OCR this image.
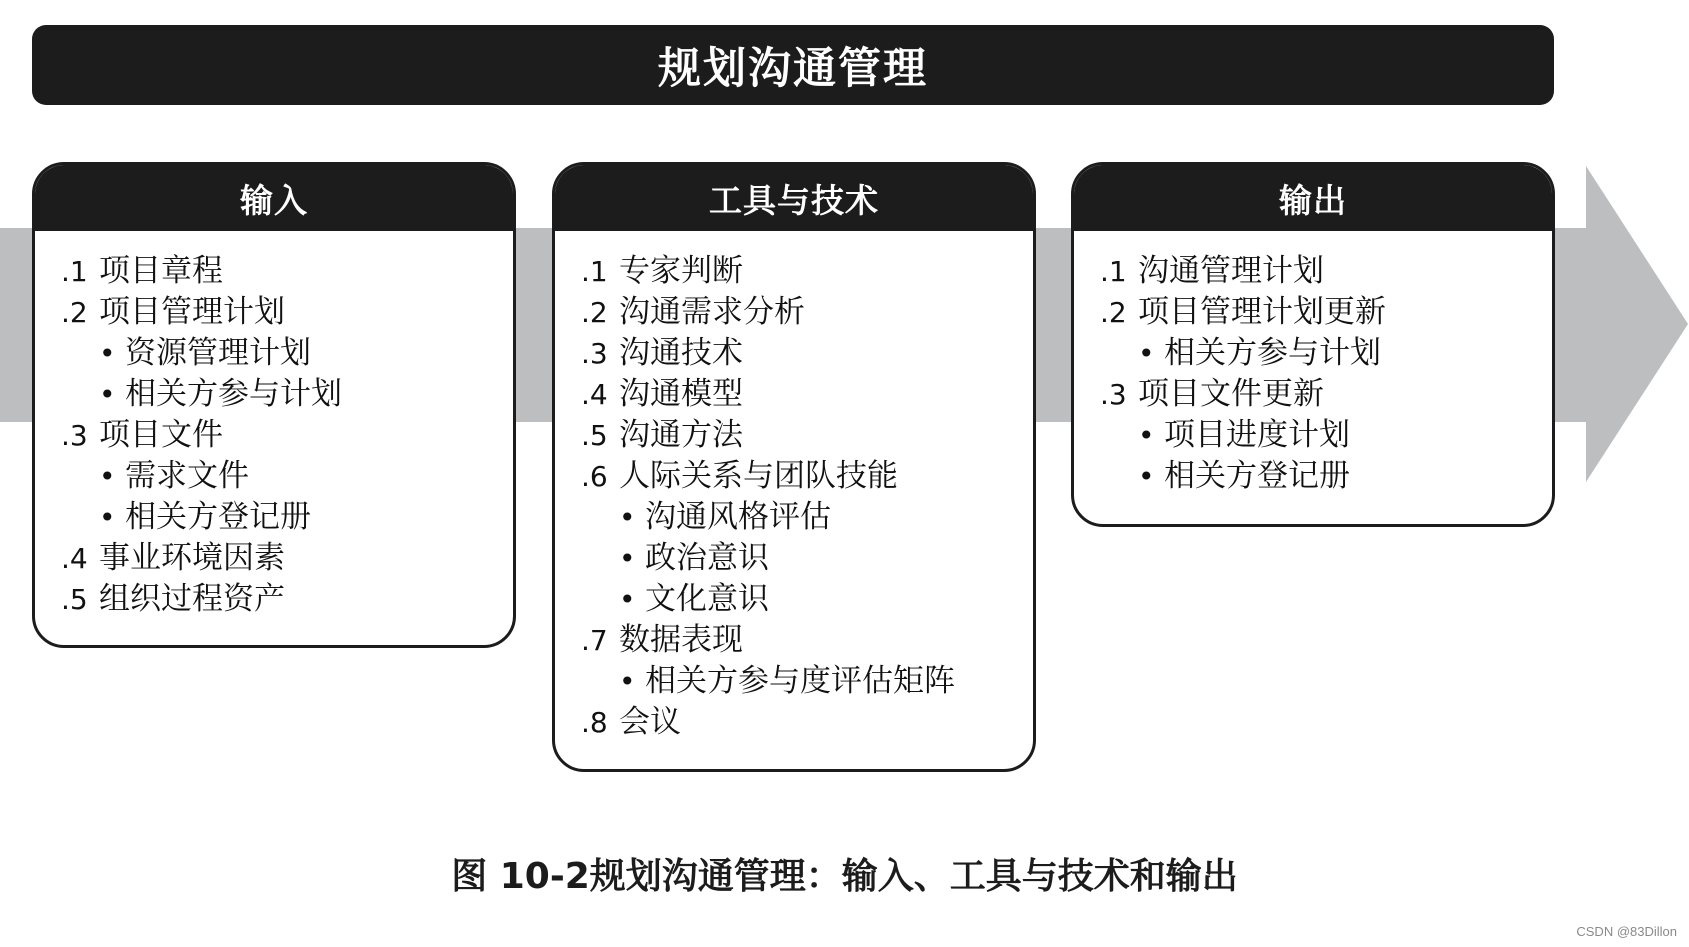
规划沟通管理
输入
.1 项目章程
.2 项目管理计划
• 资源管理计划
• 相关方参与计划
.3 项目文件
• 需求文件
• 相关方登记册
.4 事业环境因素
.5 组织过程资产
工具与技术
.1 专家判断
.2 沟通需求分析
.3 沟通技术
.4 沟通模型
.5 沟通方法
.6 人际关系与团队技能
• 沟通风格评估
• 政治意识
• 文化意识
.7 数据表现
• 相关方参与度评估矩阵
.8 会议
输出
.1 沟通管理计划
.2 项目管理计划更新
• 相关方参与计划
.3 项目文件更新
• 项目进度计划
• 相关方登记册
图 10-2规划沟通管理：输入、工具与技术和输出
CSDN @83Dillon
